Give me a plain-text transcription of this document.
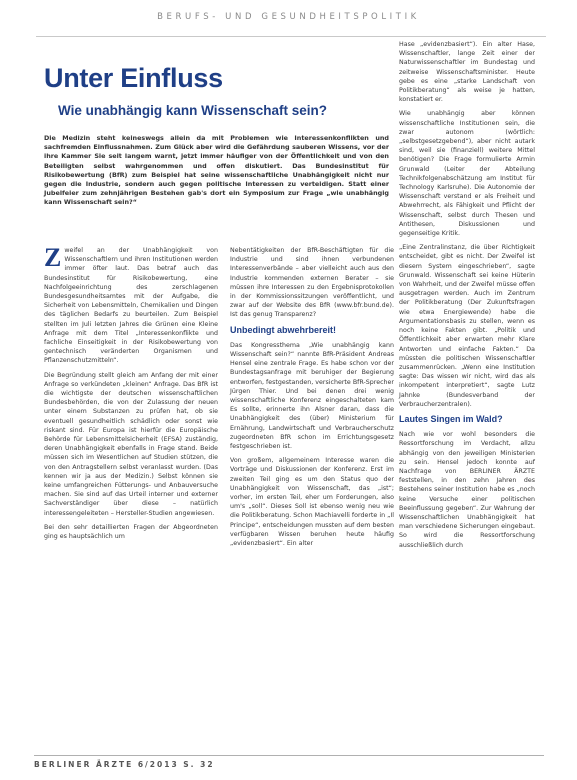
BERUFS- UND GESUNDHEITSPOLITIK
Unter Einfluss
Wie unabhängig kann Wissenschaft sein?
Die Medizin steht keineswegs allein da mit Problemen wie Interessenkonflikten und sachfremden Einflussnahmen. Zum Glück aber wird die Gefährdung sauberen Wissens, vor der ihre Kammer Sie seit langem warnt, jetzt immer häufiger von der Öffentlichkeit und von den Beteiligten selbst wahrgenommen und offen diskutiert. Das Bundesinstitut für Risikobewertung (BfR) zum Beispiel hat seine wissenschaftliche Unabhängigkeit nicht nur gegen die Industrie, sondern auch gegen politische Interessen zu verteidigen. Statt einer Jubelfeier zum zehnjährigen Bestehen gab's dort ein Symposium zur Frage „wie unabhängig kann Wissenschaft sein?“

Zweifel an der Unabhängigkeit von Wissenschaftlern und ihren Institutionen werden immer öfter laut. Das betraf auch das Bundesinstitut für Risikobewertung, eine Nachfolgeeinrichtung des zerschlagenen Bundesgesundheitsamtes mit der Aufgabe, die Sicherheit von Lebensmitteln, Chemikalien und Dingen des täglichen Bedarfs zu beurteilen. Zum Beispiel stellten im Juli letzten Jahres die Grünen eine Kleine Anfrage mit dem Titel „Interessenkonflikte und fachliche Einseitigkeit in der Risikobewertung von gentechnisch veränderten Organismen und Pflanzenschutzmitteln“.

Die Begründung stellt gleich am Anfang der mit einer Anfrage so verkündeten „kleinen“ Anfrage. Das BfR ist die wichtigste der deutschen wissenschaftlichen Bundesbehörden, die von der Zulassung der neuen unter einem Substanzen zu prüfen hat, ob sie eventuell gesundheitlich schädlich oder sonst wie riskant sind. Für Europa ist hierfür die Europäische Behörde für Lebensmittelsicherheit (EFSA) zuständig, deren Unabhängigkeit ebenfalls in Frage stand. Beide müssen sich im Wesentlichen auf Studien stützen, die von den Antragstellern selbst veranlasst wurden. (Das kennen wir ja aus der Medizin.) Selbst können sie keine umfangreichen Fütterungs- und Anbauversuche machen. Sie sind auf das Urteil interner und externer Sachverständiger über diese – natürlich interessengeleiteten – Hersteller-Studien angewiesen.

Bei den sehr detaillierten Fragen der Abgeordneten ging es hauptsächlich um

Nebentätigkeiten der BfR-Beschäftigten für die Industrie und sind ihnen verbundenen Interessenverbände – aber vielleicht auch aus den Industrie kommenden externen Berater – sie müssen ihre Interessen zu den Ergebnisprotokollen in der Kommissionssitzungen veröffentlicht, und zwar auf der Website des BfR (www.bfr.bund.de). Ist das genug Transparenz?

Unbedingt abwehrbereit!

Das Kongressthema „Wie unabhängig kann Wissenschaft sein?“ nannte BfR-Präsident Andreas Hensel eine zentrale Frage. Es habe schon vor der Bundestagsanfrage mit beruhiger der Begierung entworfen, festgestanden, versicherte BfR-Sprecher Jürgen Thier. Und bei denen drei wenig wissenschaftliche Konferenz eingeschalteten kam Es sollte, erinnerte ihn Alsner daran, dass die Unabhängigkeit des (über) Ministerium für Ernährung, Landwirtschaft und Verbraucherschutz zugeordneten BfR schon im Errichtungsgesetz festgeschrieben ist.

Von großem, allgemeinem Interesse waren die Vorträge und Diskussionen der Konferenz. Erst im zweiten Teil ging es um den Status quo der Unabhängigkeit von Wissenschaft, das „ist“; vorher, im ersten Teil, eher um Forderungen, also um's „soll“. Dieses Soll ist ebenso wenig neu wie die Politikberatung. Schon Machiavelli forderte in „Il Principe“, entscheidungen mussten auf dem besten verfügbaren Wissen beruhen heute häufig „evidenzbasiert“. Ein alter

Hase „evidenzbasiert“). Ein alter Hase, Wissenschaftler, lange Zeit einer der Naturwissenschaftler im Bundestag und zeitweise Wissenschaftsminister. Heute gebe es eine „starke Landschaft von Politikberatung“ als weise je hatten, konstatiert er.

Wie unabhängig aber können wissenschaftliche Institutionen sein, die zwar autonom (wörtlich: „selbstgesetzgebend“), aber nicht autark sind, weil sie (finanziell) weitere Mittel benötigen? Die Frage formulierte Armin Grunwald (Leiter der Abteilung Technikfolgenabschätzung am Institut für Technology Karlsruhe). Die Autonomie der Wissenschaft verstand er als Freiheit und Abwehrrecht, als Fähigkeit und Pflicht der Wissenschaft, selbst durch Thesen und Antithesen, Diskussionen und gegenseitige Kritik.

„Eine Zentralinstanz, die über Richtigkeit entscheidet, gibt es nicht. Der Zweifel ist diesem System eingeschrieben“, sagte Grunwald. Wissenschaft sei keine Hüterin von Wahrheit, und der Zweifel müsse offen ausgetragen werden. Auch im Zentrum der Politikberatung (Der Zukunftsfragen wie etwa Energiewende) habe die Argumentationsbasis zu stellen, wenn es noch keine Fakten gibt. „Politik und Öffentlichkeit aber erwarten mehr Klare Antworten und einfache Fakten.“ Da müssten die politischen Wissenschaftler zusammenrücken. „Wenn eine Institution sagte: Das wissen wir nicht, wird das als inkompetent interpretiert“, sagte Lutz Jahnke (Bundesverband der Verbraucherzentralen).

Lautes Singen im Wald?

Nach wie vor wohl besonders die Ressortforschung im Verdacht, allzu abhängig von den jeweiligen Ministerien zu sein. Hensel jedoch konnte auf Nachfrage von BERLINER ÄRZTE feststellen, in den zehn Jahren des Bestehens seiner Institution habe es „noch keine Versuche einer politischen Beeinflussung gegeben“. Zur Wahrung der Wissenschaftlichen Unabhängigkeit hat man verschiedene Sicherungen eingebaut. So wird die Ressortforschung ausschließlich durch

BERLINER ÄRZTE 6/2013 S. 32
